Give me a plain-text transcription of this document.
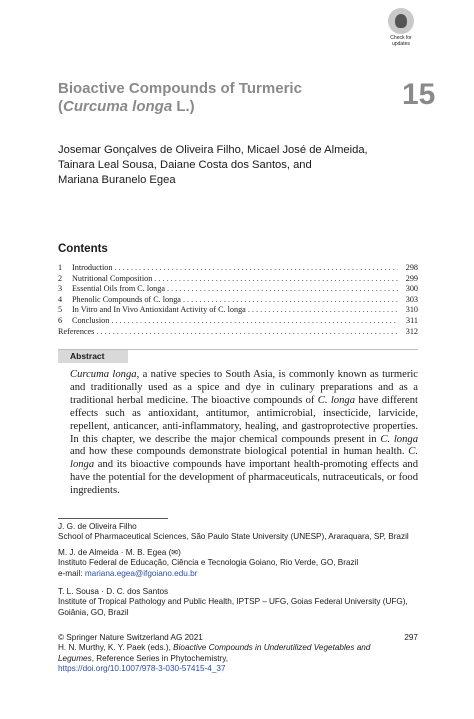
Check for
updates
Bioactive Compounds of Turmeric
(Curcuma longa L.)	15
Josemar Gonçalves de Oliveira Filho, Micael José de Almeida,
Tainara Leal Sousa, Daiane Costa dos Santos, and
Mariana Buranelo Egea
Contents
1	Introduction . . .	298
2	Nutritional Composition . . .	299
3	Essential Oils from C. longa . . .	300
4	Phenolic Compounds of C. longa . . .	303
5	In Vitro and In Vivo Antioxidant Activity of C. longa . . .	310
6	Conclusion . . .	311
References . . .	312
Abstract
Curcuma longa, a native species to South Asia, is commonly known as turmeric and traditionally used as a spice and dye in culinary preparations and as a traditional herbal medicine. The bioactive compounds of C. longa have different effects such as antioxidant, antitumor, antimicrobial, insecticide, larvicide, repellent, anticancer, anti-inflammatory, healing, and gastroprotective properties. In this chapter, we describe the major chemical compounds present in C. longa and how these compounds demonstrate biological potential in human health. C. longa and its bioactive compounds have important health-promoting effects and have the potential for the development of pharmaceuticals, nutraceuticals, or food ingredients.
J. G. de Oliveira Filho
School of Pharmaceutical Sciences, São Paulo State University (UNESP), Araraquara, SP, Brazil
M. J. de Almeida · M. B. Egea (✉)
Instituto Federal de Educação, Ciência e Tecnologia Goiano, Rio Verde, GO, Brazil
e-mail: mariana.egea@ifgoiano.edu.br
T. L. Sousa · D. C. dos Santos
Institute of Tropical Pathology and Public Health, IPTSP – UFG, Goias Federal University (UFG), Goiânia, GO, Brazil
© Springer Nature Switzerland AG 2021
H. N. Murthy, K. Y. Paek (eds.), Bioactive Compounds in Underutilized Vegetables and Legumes, Reference Series in Phytochemistry,
https://doi.org/10.1007/978-3-030-57415-4_37
297
